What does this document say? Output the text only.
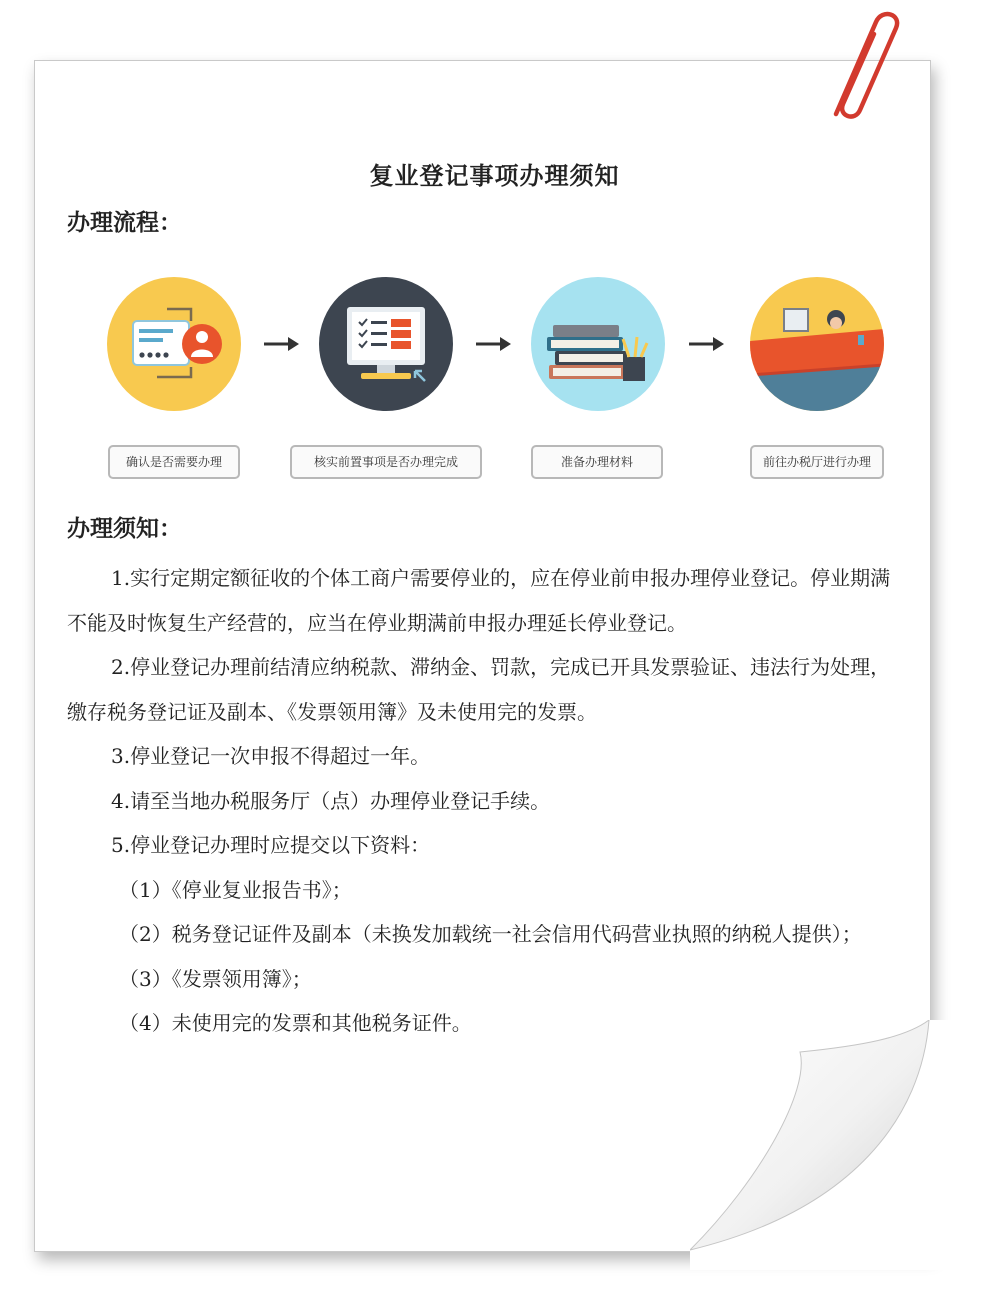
复业登记事项办理须知
办理流程：
确认是否需要办理	核实前置事项是否办理完成	准备办理材料	前往办税厅进行办理
办理须知：

1.实行定期定额征收的个体工商户需要停业的，应在停业前申报办理停业登记。停业期满不能及时恢复生产经营的，应当在停业期满前申报办理延长停业登记。

2.停业登记办理前结清应纳税款、滞纳金、罚款，完成已开具发票验证、违法行为处理，缴存税务登记证及副本、《发票领用簿》及未使用完的发票。

3.停业登记一次申报不得超过一年。

4.请至当地办税服务厅（点）办理停业登记手续。

5.停业登记办理时应提交以下资料：

（1）《停业复业报告书》；

（2）税务登记证件及副本（未换发加载统一社会信用代码营业执照的纳税人提供）；

（3）《发票领用簿》；

（4）未使用完的发票和其他税务证件。
